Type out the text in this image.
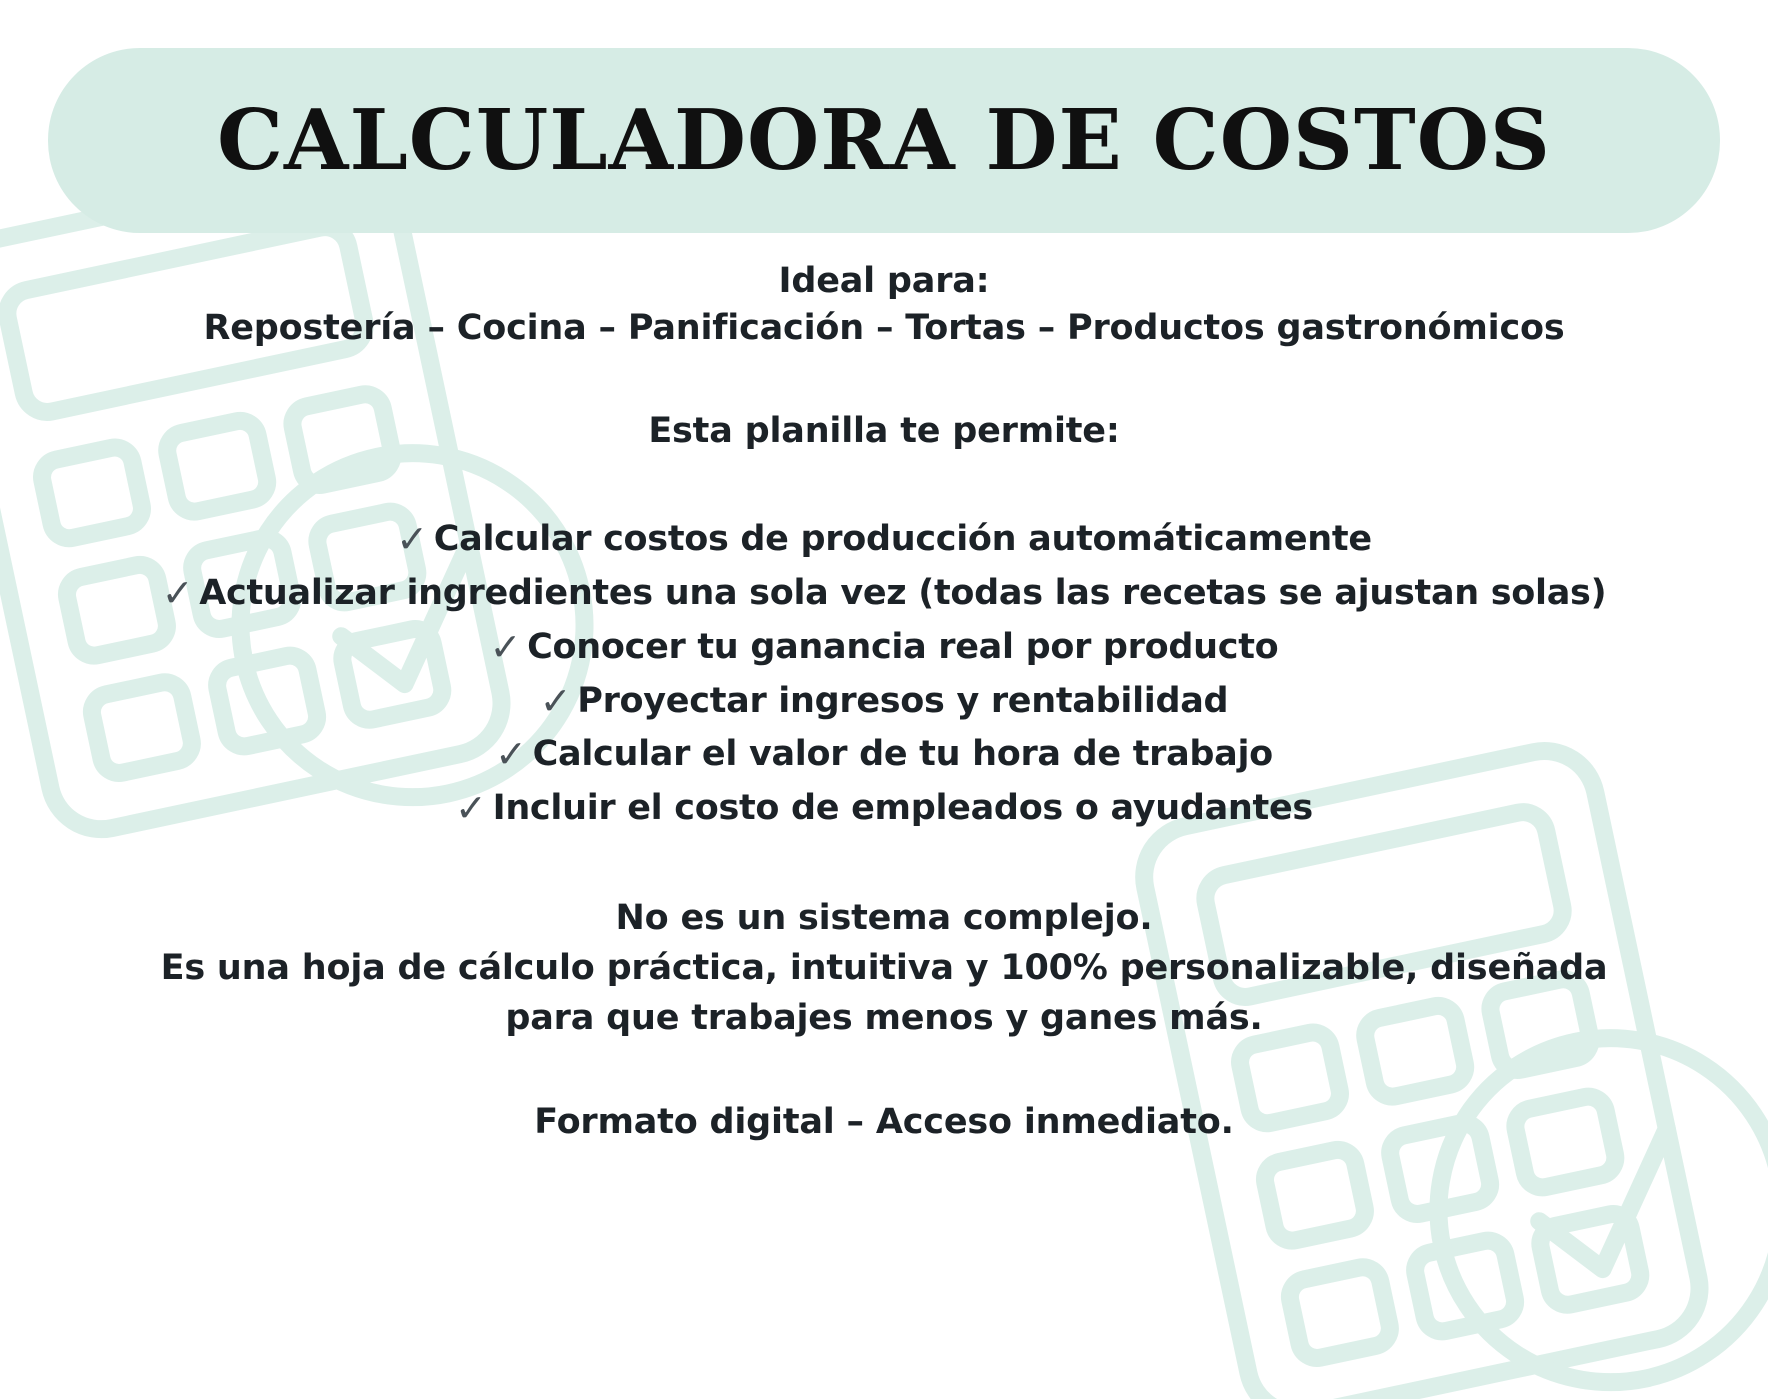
CALCULADORA DE COSTOS
Ideal para:
Repostería – Cocina – Panificación – Tortas – Productos gastronómicos
Esta planilla te permite:
✓ Calcular costos de producción automáticamente
✓ Actualizar ingredientes una sola vez (todas las recetas se ajustan solas)
✓ Conocer tu ganancia real por producto
✓ Proyectar ingresos y rentabilidad
✓ Calcular el valor de tu hora de trabajo
✓ Incluir el costo de empleados o ayudantes
No es un sistema complejo.
Es una hoja de cálculo práctica, intuitiva y 100% personalizable, diseñada
para que trabajes menos y ganes más.
Formato digital – Acceso inmediato.
